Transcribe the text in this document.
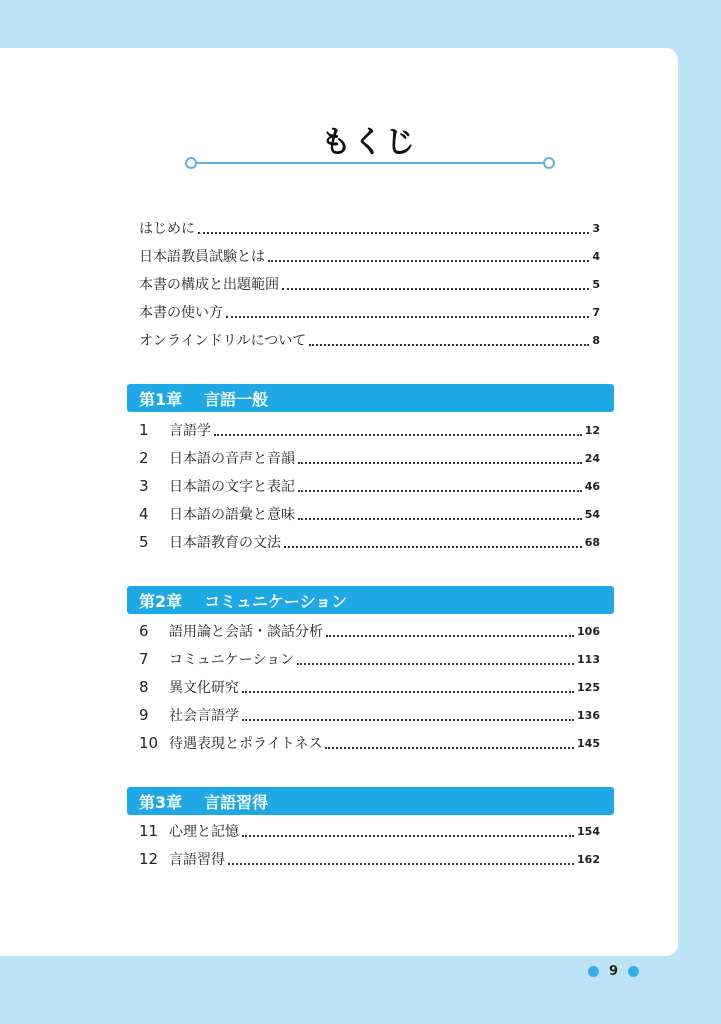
もくじ
はじめに	3
日本語教員試験とは	4
本書の構成と出題範囲	5
本書の使い方	7
オンラインドリルについて	8
第1章 言語一般
1	言語学	12
2	日本語の音声と音韻	24
3	日本語の文字と表記	46
4	日本語の語彙と意味	54
5	日本語教育の文法	68
第2章 コミュニケーション
6	語用論と会話・談話分析	106
7	コミュニケーション	113
8	異文化研究	125
9	社会言語学	136
10 待遇表現とポライトネス	145
第3章 言語習得
11 心理と記憶	154
12 言語習得	162
9
